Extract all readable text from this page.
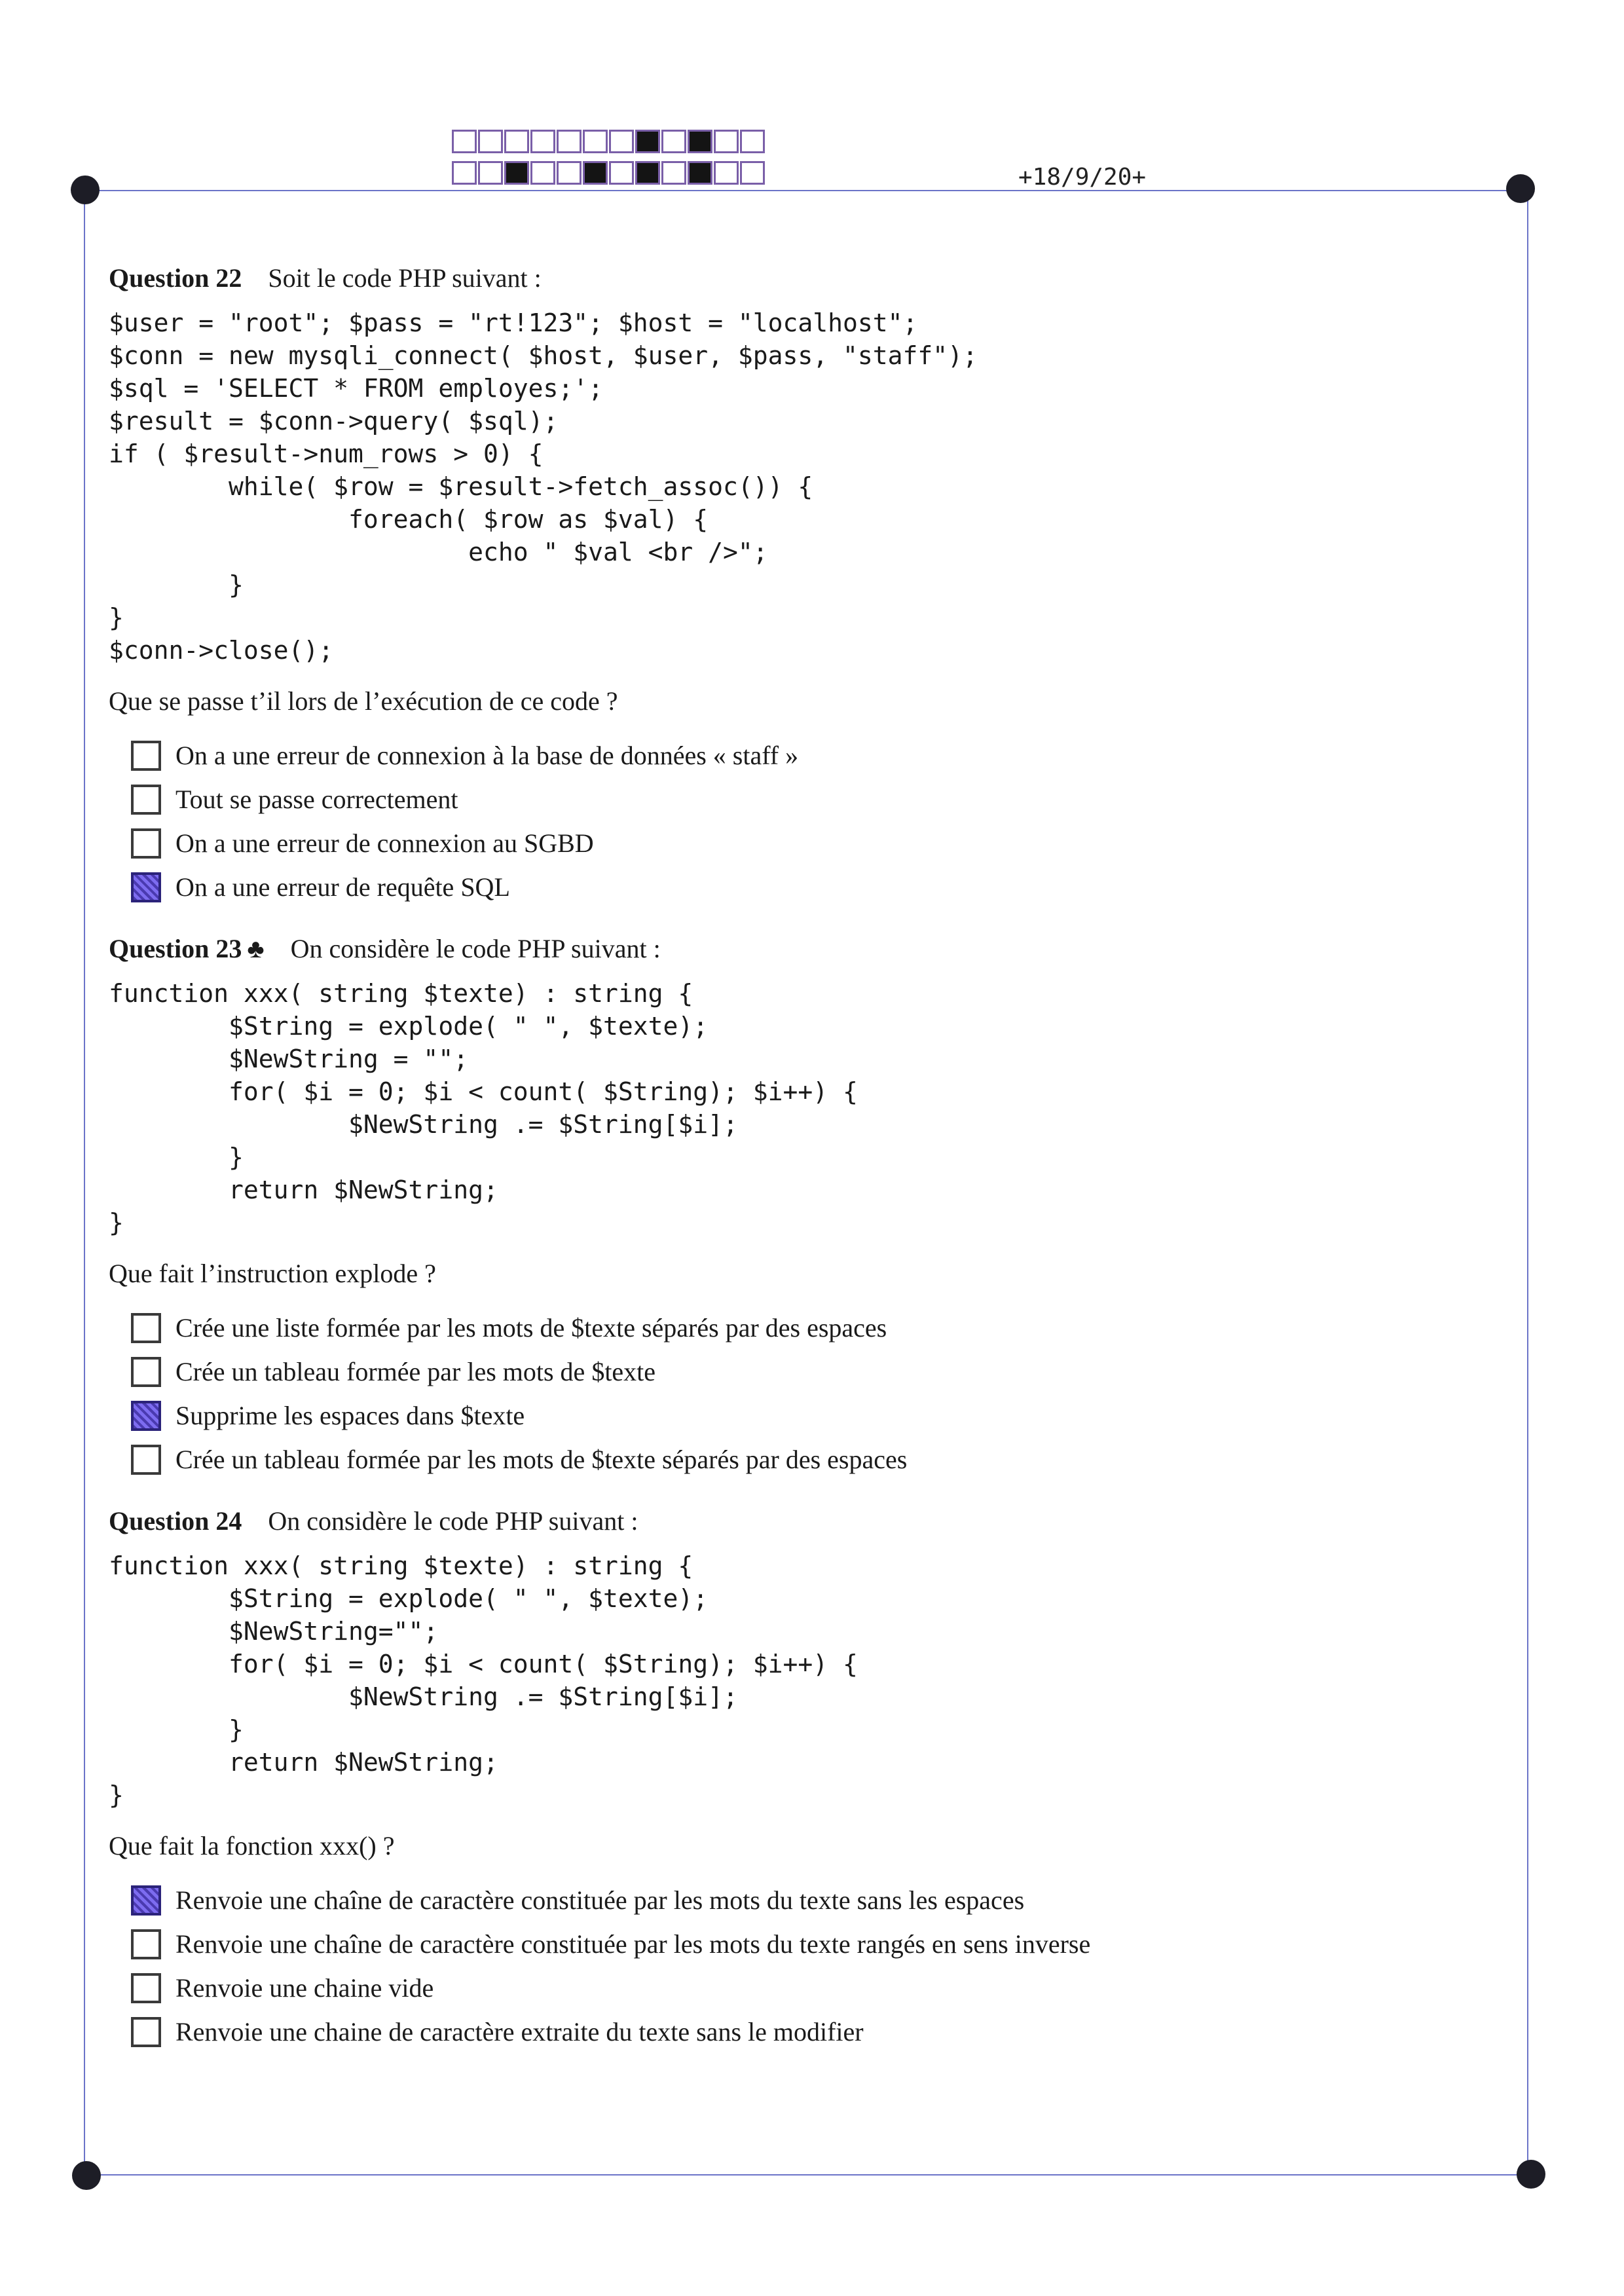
+18/9/20+
Question 22 Soit le code PHP suivant :
$user = "root"; $pass = "rt!123"; $host = "localhost";
$conn = new mysqli_connect( $host, $user, $pass, "staff");
$sql = 'SELECT * FROM employes;';
$result = $conn->query( $sql);
if ( $result->num_rows > 0) {
while( $row = $result->fetch_assoc()) {
foreach( $row as $val) {
echo " $val <br />";
}
}
$conn->close();
Que se passe t’il lors de l’exécution de ce code ?
On a une erreur de connexion à la base de données « staff »
Tout se passe correctement
On a une erreur de connexion au SGBD
On a une erreur de requête SQL
Question 23 ♣ On considère le code PHP suivant :
function xxx( string $texte) : string {
$String = explode( " ", $texte);
$NewString = "";
for( $i = 0; $i < count( $String); $i++) {
$NewString .= $String[$i];
}
return $NewString;
}
Que fait l’instruction explode ?
Crée une liste formée par les mots de $texte séparés par des espaces
Crée un tableau formée par les mots de $texte
Supprime les espaces dans $texte
Crée un tableau formée par les mots de $texte séparés par des espaces
Question 24 On considère le code PHP suivant :
function xxx( string $texte) : string {
$String = explode( " ", $texte);
$NewString="";
for( $i = 0; $i < count( $String); $i++) {
$NewString .= $String[$i];
}
return $NewString;
}
Que fait la fonction xxx() ?
Renvoie une chaîne de caractère constituée par les mots du texte sans les espaces
Renvoie une chaîne de caractère constituée par les mots du texte rangés en sens inverse
Renvoie une chaine vide
Renvoie une chaine de caractère extraite du texte sans le modifier
